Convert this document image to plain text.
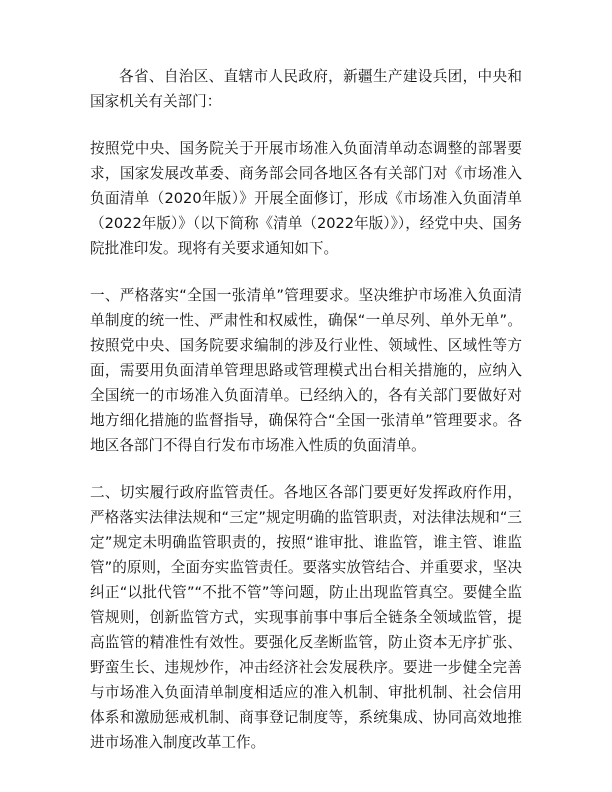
各省、自治区、直辖市人民政府，新疆生产建设兵团，中央和国家机关有关部门：

按照党中央、国务院关于开展市场准入负面清单动态调整的部署要求，国家发展改革委、商务部会同各地区各有关部门对《市场准入负面清单（2020年版）》开展全面修订，形成《市场准入负面清单（2022年版）》（以下简称《清单（2022年版）》），经党中央、国务院批准印发。现将有关要求通知如下。

一、严格落实“全国一张清单”管理要求。坚决维护市场准入负面清单制度的统一性、严肃性和权威性，确保“一单尽列、单外无单”。按照党中央、国务院要求编制的涉及行业性、领域性、区域性等方面，需要用负面清单管理思路或管理模式出台相关措施的，应纳入全国统一的市场准入负面清单。已经纳入的，各有关部门要做好对地方细化措施的监督指导，确保符合“全国一张清单”管理要求。各地区各部门不得自行发布市场准入性质的负面清单。

二、切实履行政府监管责任。各地区各部门要更好发挥政府作用，严格落实法律法规和“三定”规定明确的监管职责，对法律法规和“三定”规定未明确监管职责的，按照“谁审批、谁监管，谁主管、谁监管”的原则，全面夯实监管责任。要落实放管结合、并重要求，坚决纠正“以批代管”“不批不管”等问题，防止出现监管真空。要健全监管规则，创新监管方式，实现事前事中事后全链条全领域监管，提高监管的精准性有效性。要强化反垄断监管，防止资本无序扩张、野蛮生长、违规炒作，冲击经济社会发展秩序。要进一步健全完善与市场准入负面清单制度相适应的准入机制、审批机制、社会信用体系和激励惩戒机制、商事登记制度等，系统集成、协同高效地推进市场准入制度改革工作。
